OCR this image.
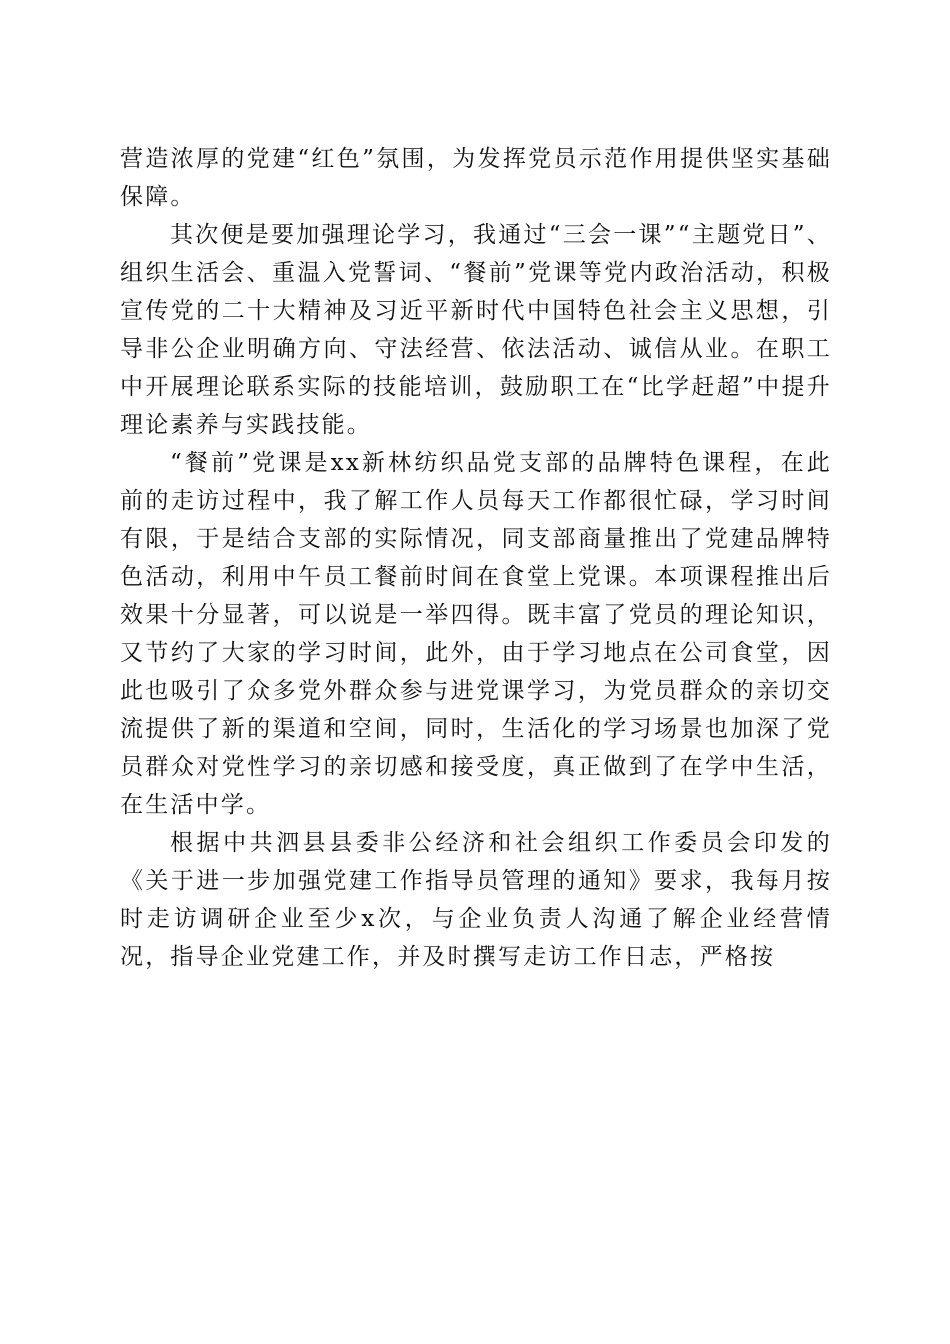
营造浓厚的党建“红色”氛围，为发挥党员示范作用提供坚实基础保障。

其次便是要加强理论学习，我通过“三会一课”“主题党日”、组织生活会、重温入党誓词、“餐前”党课等党内政治活动，积极宣传党的二十大精神及习近平新时代中国特色社会主义思想，引导非公企业明确方向、守法经营、依法活动、诚信从业。在职工中开展理论联系实际的技能培训，鼓励职工在“比学赶超”中提升理论素养与实践技能。

“餐前”党课是xx新林纺织品党支部的品牌特色课程，在此前的走访过程中，我了解工作人员每天工作都很忙碌，学习时间有限，于是结合支部的实际情况，同支部商量推出了党建品牌特色活动，利用中午员工餐前时间在食堂上党课。本项课程推出后效果十分显著，可以说是一举四得。既丰富了党员的理论知识，又节约了大家的学习时间，此外，由于学习地点在公司食堂，因此也吸引了众多党外群众参与进党课学习，为党员群众的亲切交流提供了新的渠道和空间，同时，生活化的学习场景也加深了党员群众对党性学习的亲切感和接受度，真正做到了在学中生活，在生活中学。

根据中共泗县县委非公经济和社会组织工作委员会印发的《关于进一步加强党建工作指导员管理的通知》要求，我每月按时走访调研企业至少x次，与企业负责人沟通了解企业经营情况，指导企业党建工作，并及时撰写走访工作日志，严格按
